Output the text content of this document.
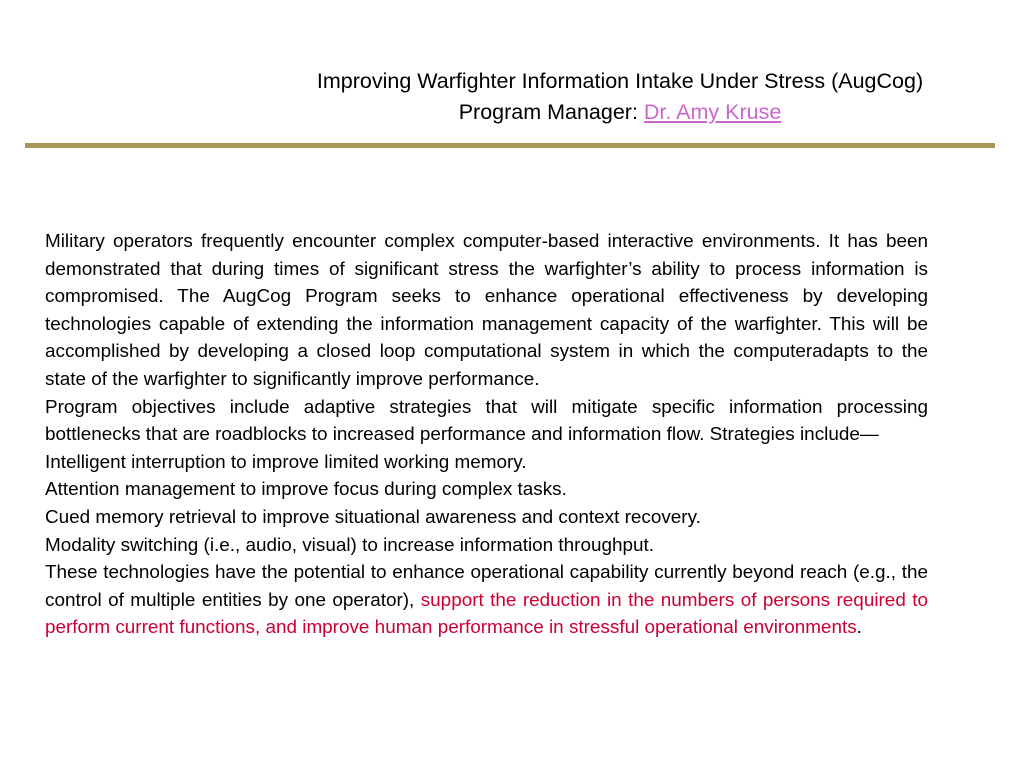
Improving Warfighter Information Intake Under Stress (AugCog)
Program Manager: Dr. Amy Kruse

Military operators frequently encounter complex computer-based interactive environments. It has been demonstrated that during times of significant stress the warfighter’s ability to process information is compromised. The AugCog Program seeks to enhance operational effectiveness by developing technologies capable of extending the information management capacity of the warfighter. This will be accomplished by developing a closed loop computational system in which the computeradapts to the state of the warfighter to significantly improve performance.

Program objectives include adaptive strategies that will mitigate specific information processing bottlenecks that are roadblocks to increased performance and information flow. Strategies include—

Intelligent interruption to improve limited working memory.

Attention management to improve focus during complex tasks.

Cued memory retrieval to improve situational awareness and context recovery.

Modality switching (i.e., audio, visual) to increase information throughput.

These technologies have the potential to enhance operational capability currently beyond reach (e.g., the control of multiple entities by one operator), support the reduction in the numbers of persons required to perform current functions, and improve human performance in stressful operational environments.
